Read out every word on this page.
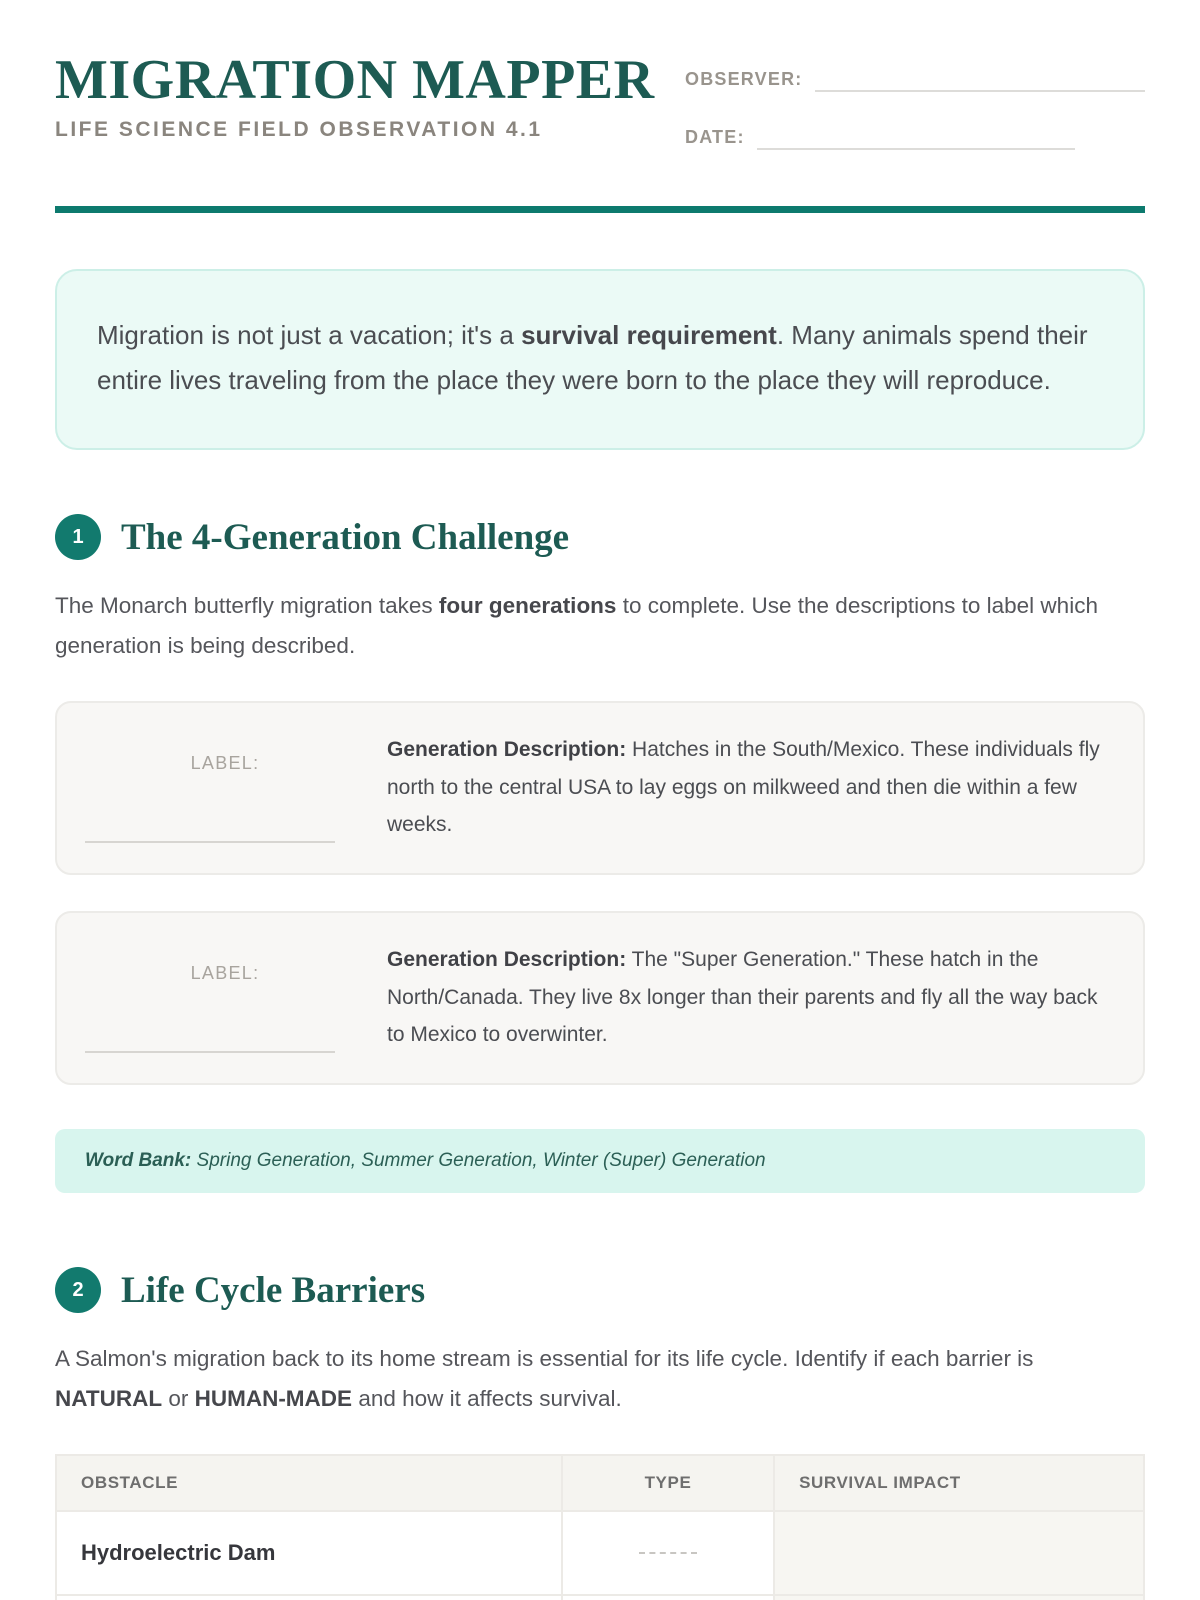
MIGRATION MAPPER
LIFE SCIENCE FIELD OBSERVATION 4.1
OBSERVER:
DATE:
Migration is not just a vacation; it's a survival requirement. Many animals spend their entire lives traveling from the place they were born to the place they will reproduce.
1	The 4-Generation Challenge
The Monarch butterfly migration takes four generations to complete. Use the descriptions to label which generation is being described.
LABEL:
Generation Description: Hatches in the South/Mexico. These individuals fly north to the central USA to lay eggs on milkweed and then die within a few weeks.
LABEL:
Generation Description: The "Super Generation." These hatch in the North/Canada. They live 8x longer than their parents and fly all the way back to Mexico to overwinter.
Word Bank: Spring Generation, Summer Generation, Winter (Super) Generation
2	Life Cycle Barriers
A Salmon's migration back to its home stream is essential for its life cycle. Identify if each barrier is NATURAL or HUMAN-MADE and how it affects survival.
OBSTACLE	TYPE	SURVIVAL IMPACT
Hydroelectric Dam		
